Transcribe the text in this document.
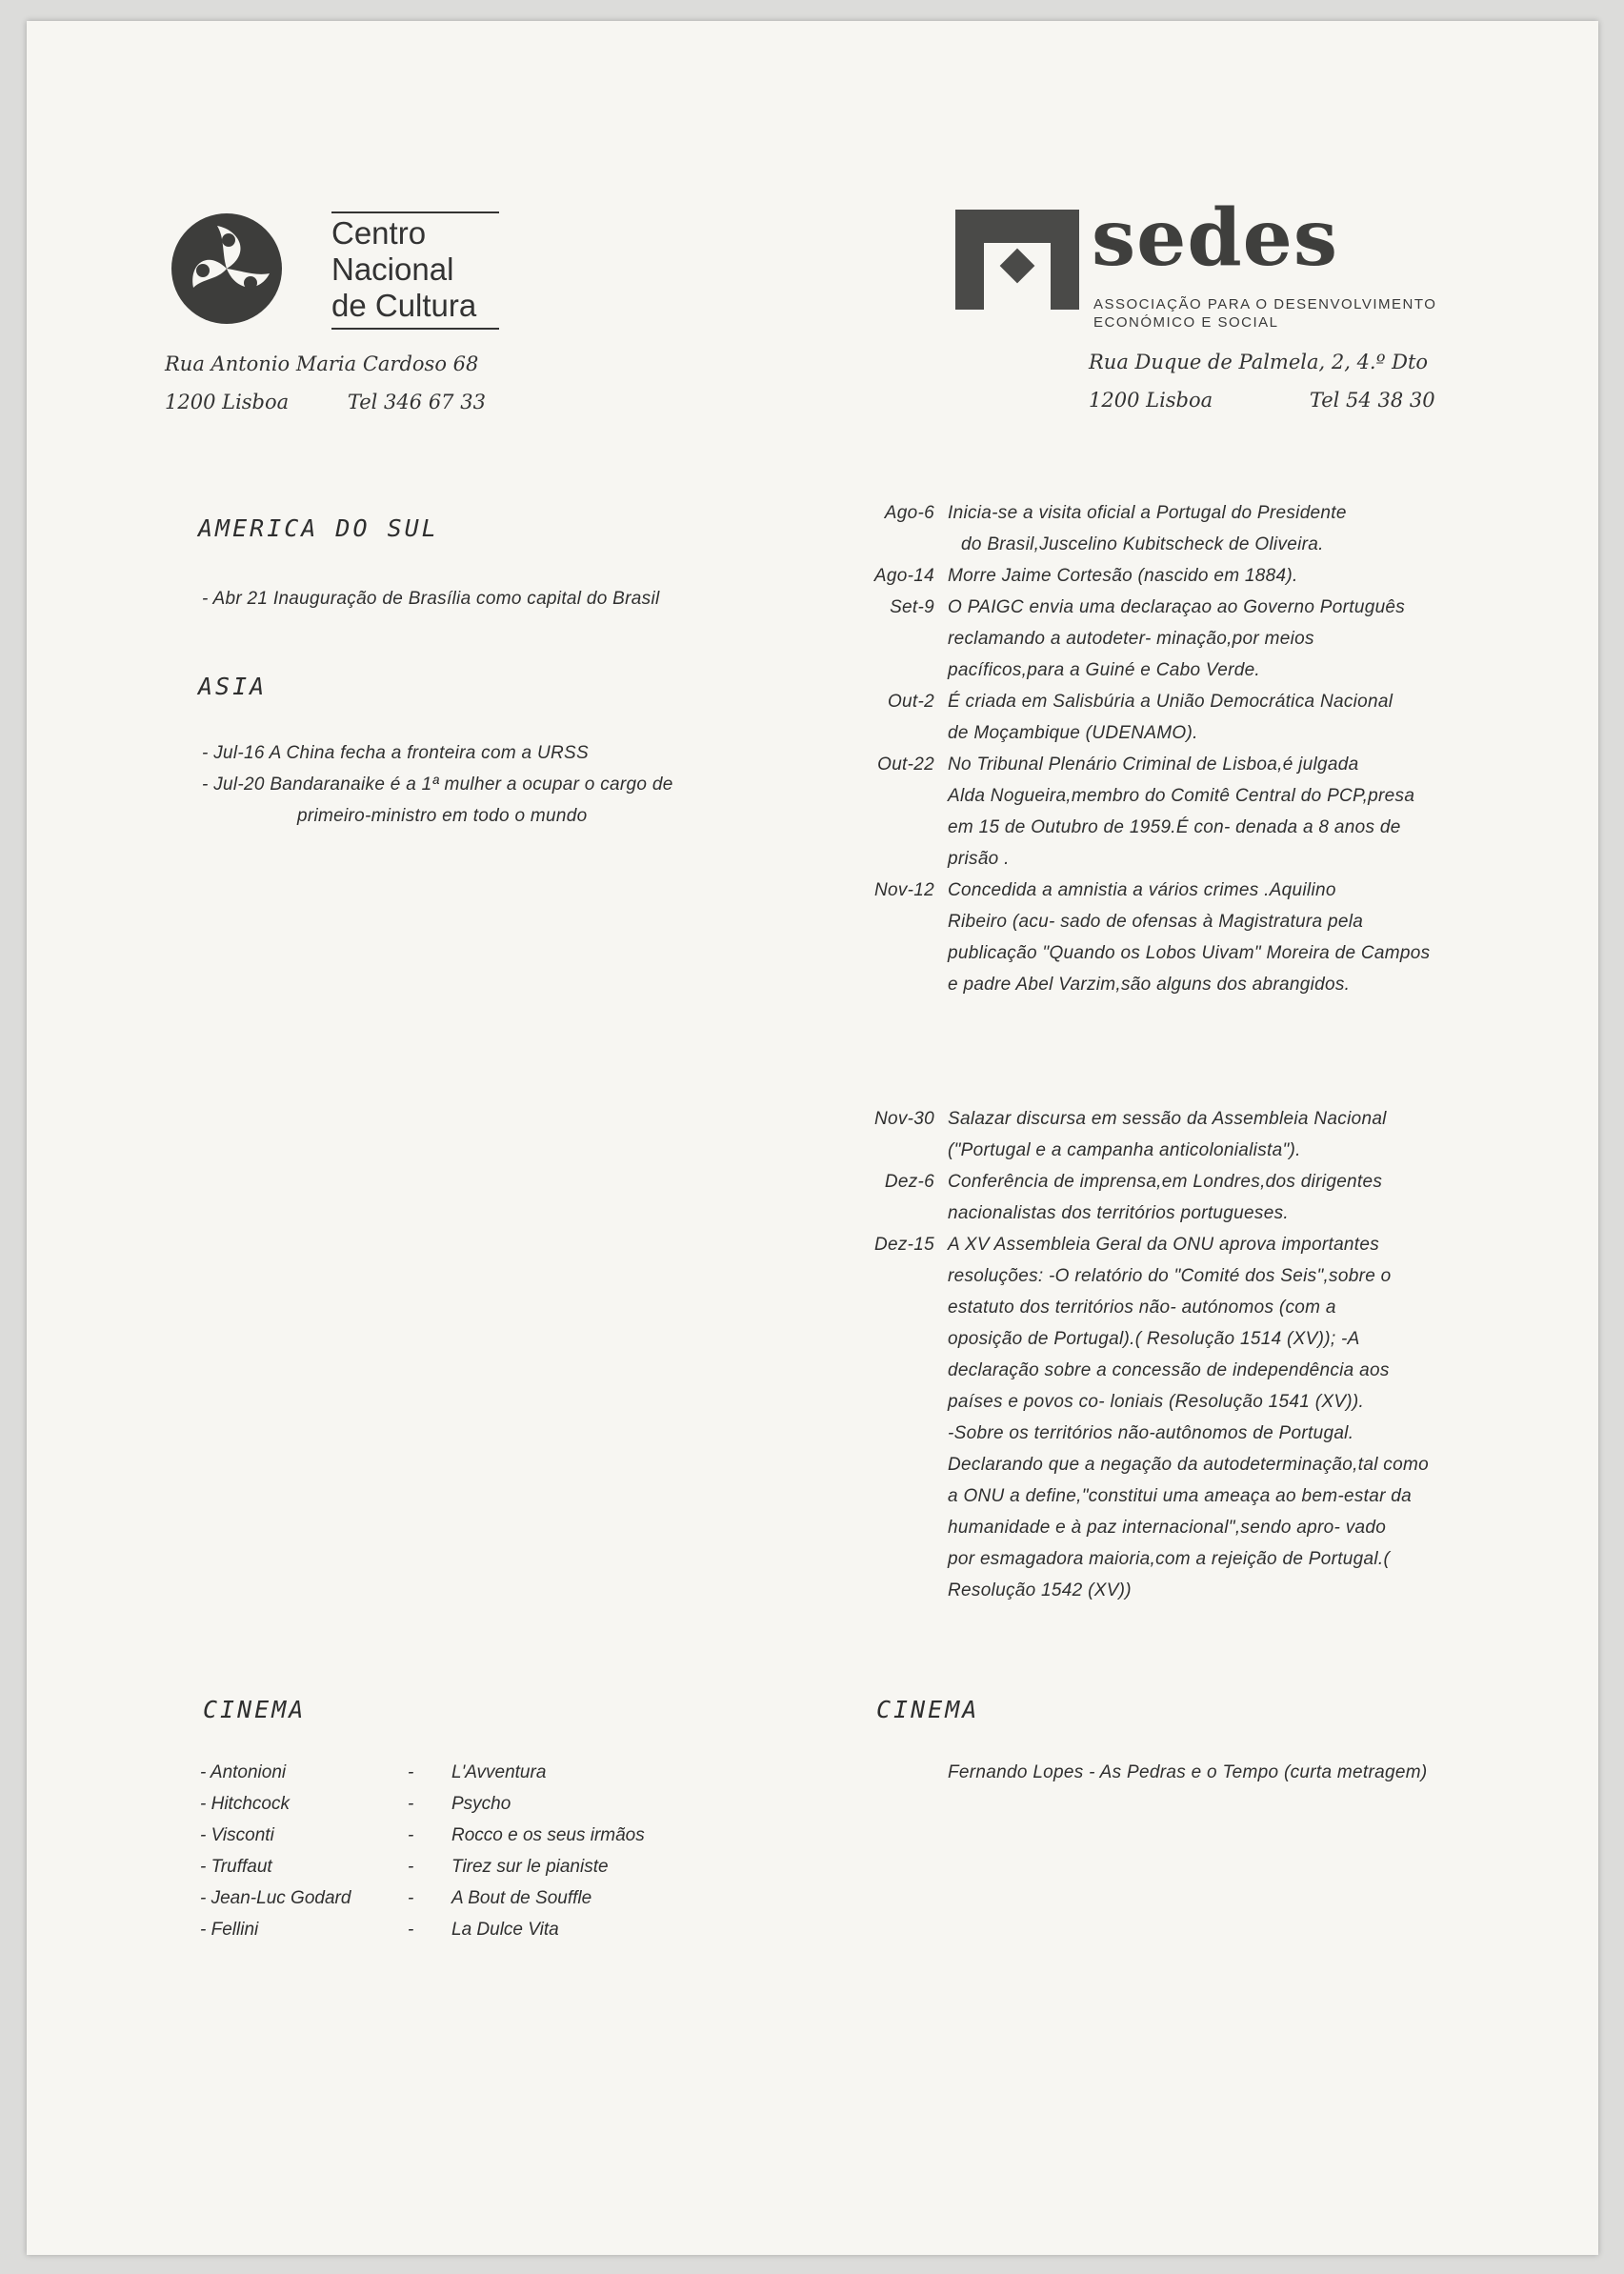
Centro
Nacional
de Cultura
Rua Antonio Maria Cardoso 68
1200 Lisboa	Tel 346 67 33
sedes
ASSOCIAÇÃO PARA O DESENVOLVIMENTO
ECONÓMICO E SOCIAL
Rua Duque de Palmela, 2, 4.º Dto
1200 Lisboa	Tel 54 38 30
AMERICA DO SUL
- Abr 21 Inauguração de Brasília como capital do Brasil
ASIA
- Jul-16 A China fecha a fronteira com a URSS
- Jul-20 Bandaranaike é a 1ª mulher a ocupar o cargo de
primeiro-ministro em todo o mundo
Ago-6 Inicia-se a visita oficial a Portugal do Presidente
do Brasil,Juscelino Kubitscheck de Oliveira.
Ago-14 Morre Jaime Cortesão (nascido em 1884).
Set-9 O PAIGC envia uma declaraçao ao Governo Português
reclamando a autodeter- minação,por meios
pacíficos,para a Guiné e Cabo Verde.
Out-2 É criada em Salisbúria a União Democrática Nacional
de Moçambique (UDENAMO).
Out-22 No Tribunal Plenário Criminal de Lisboa,é julgada
Alda Nogueira,membro do Comitê Central do PCP,presa
em 15 de Outubro de 1959.É con- denada a 8 anos de
prisão .
Nov-12 Concedida a amnistia a vários crimes .Aquilino
Ribeiro (acu- sado de ofensas à Magistratura pela
publicação "Quando os Lobos Uivam" Moreira de Campos
e padre Abel Varzim,são alguns dos abrangidos.
Nov-30 Salazar discursa em sessão da Assembleia Nacional
("Portugal e a campanha anticolonialista").
Dez-6 Conferência de imprensa,em Londres,dos dirigentes
nacionalistas dos territórios portugueses.
Dez-15 A XV Assembleia Geral da ONU aprova importantes
resoluções: -O relatório do "Comité dos Seis",sobre o
estatuto dos territórios não- autónomos (com a
oposição de Portugal).( Resolução 1514 (XV)); -A
declaração sobre a concessão de independência aos
países e povos co- loniais (Resolução 1541 (XV)).
-Sobre os territórios não-autônomos de Portugal.
Declarando que a negação da autodeterminação,tal como
a ONU a define,"constitui uma ameaça ao bem-estar da
humanidade e à paz internacional",sendo apro- vado
por esmagadora maioria,com a rejeição de Portugal.(
Resolução 1542 (XV))
CINEMA
- Antonioni	-	L'Avventura
- Hitchcock	-	Psycho
- Visconti	-	Rocco e os seus irmãos
- Truffaut	-	Tirez sur le pianiste
- Jean-Luc Godard	-	A Bout de Souffle
- Fellini	-	La Dulce Vita
CINEMA
Fernando Lopes - As Pedras e o Tempo (curta metragem)
